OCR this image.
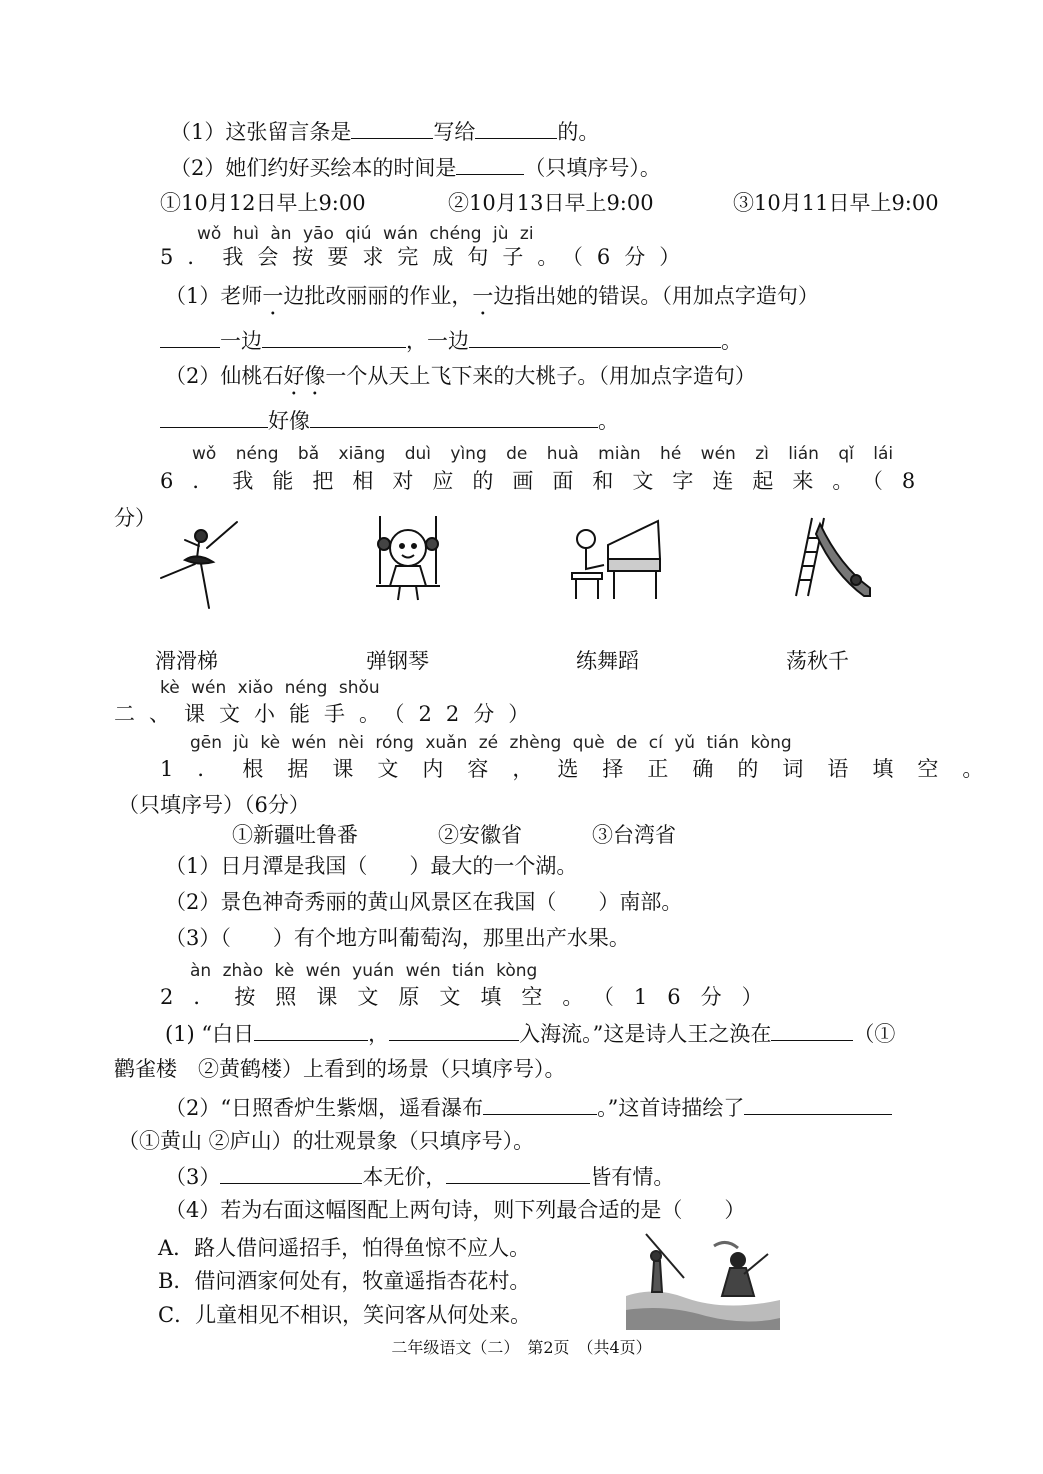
（1）这张留言条是	写给	的。
（2）她们约好买绘本的时间是	（只填序号）。
①10月12日早上9:00	②10月13日早上9:00	③10月11日早上9:00
wǒ huì àn yāo qiú wán chéng jù zi
5．我会按要求完成句子。（6分）
（1）老师一边批改丽丽的作业，一边指出她的错误。（用加点字造句）
一边	，一边	。
（2）仙桃石好像一个从天上飞下来的大桃子。（用加点字造句）
好像	。
wǒ néng bǎ xiāng duì yìng de huà miàn hé wén zì lián qǐ lái
6．我能把相对应的画面和文字连起来。（8
分）
滑滑梯	弹钢琴	练舞蹈	荡秋千
kè wén xiǎo néng shǒu
二、课文小能手。（22分）
gēn jù kè wén nèi róng xuǎn zé zhèng què de cí yǔ tián kòng
1．根据课文内容，选择正确的词语填空。
（只填序号）（6分）
①新疆吐鲁番	②安徽省	③台湾省
（1）日月潭是我国（　　）最大的一个湖。
（2）景色神奇秀丽的黄山风景区在我国（　　）南部。
（3）（　　）有个地方叫葡萄沟，那里出产水果。
àn zhào kè wén yuán wén tián kòng
2．按照课文原文填空。（16分）
(1) “白日	，	入海流。”这是诗人王之涣在	（①
鹳雀楼　②黄鹤楼）上看到的场景（只填序号）。
（2）“日照香炉生紫烟，遥看瀑布	。”这首诗描绘了
（①黄山 ②庐山）的壮观景象（只填序号）。
（3）	本无价，	皆有情。
（4）若为右面这幅图配上两句诗，则下列最合适的是（　　）
A．路人借问遥招手，怕得鱼惊不应人。
B．借问酒家何处有，牧童遥指杏花村。
C．儿童相见不相识，笑问客从何处来。
二年级语文（二）　第2页　（共4页）
